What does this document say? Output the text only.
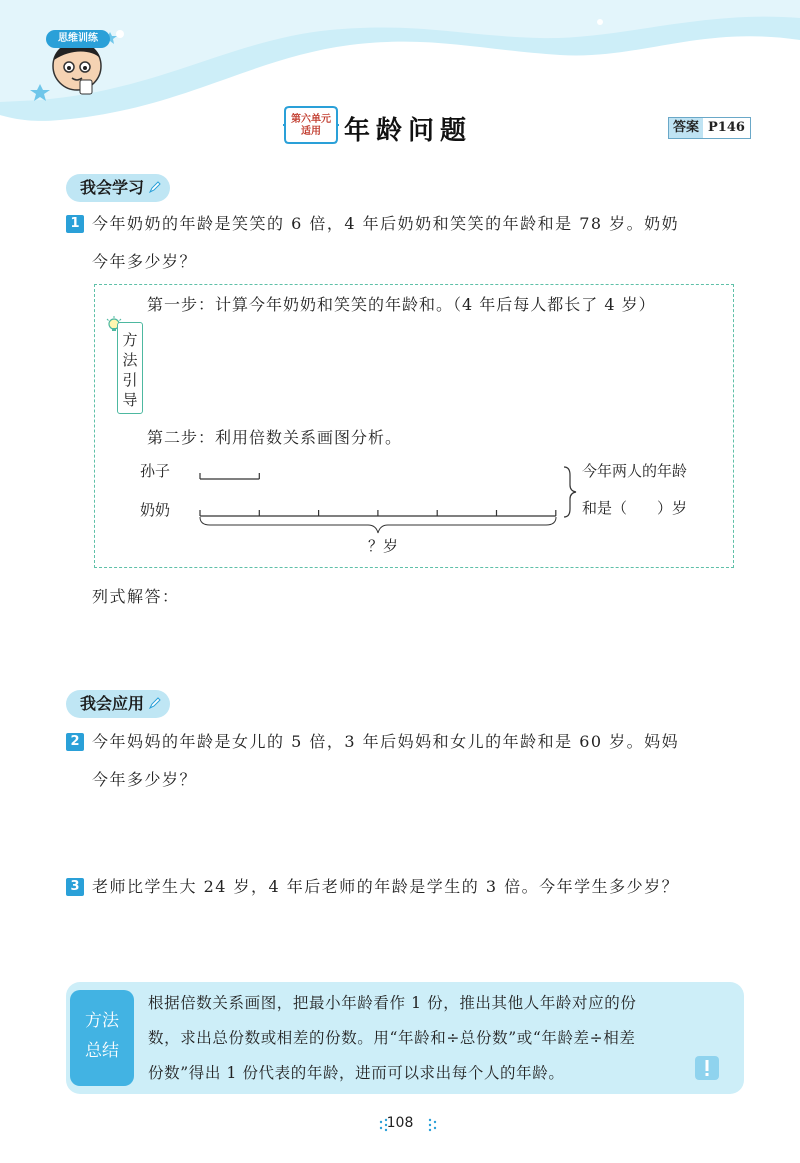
思维训练
第六单元
适用 年龄问题	答案 P146
我会学习
1 今年奶奶的年龄是笑笑的 6 倍，4 年后奶奶和笑笑的年龄和是 78 岁。奶奶
今年多少岁？
方法引导
第一步：计算今年奶奶和笑笑的年龄和。（4 年后每人都长了 4 岁）
第二步：利用倍数关系画图分析。
孙子
奶奶
今年两人的年龄
和是（　　）岁
？岁
列式解答：
我会应用
2 今年妈妈的年龄是女儿的 5 倍，3 年后妈妈和女儿的年龄和是 60 岁。妈妈
今年多少岁？
3 老师比学生大 24 岁，4 年后老师的年龄是学生的 3 倍。今年学生多少岁？
方法
总结
根据倍数关系画图，把最小年龄看作 1 份，推出其他人年龄对应的份
数，求出总份数或相差的份数。用“年龄和÷总份数”或“年龄差÷相差
份数”得出 1 份代表的年龄，进而可以求出每个人的年龄。
108
